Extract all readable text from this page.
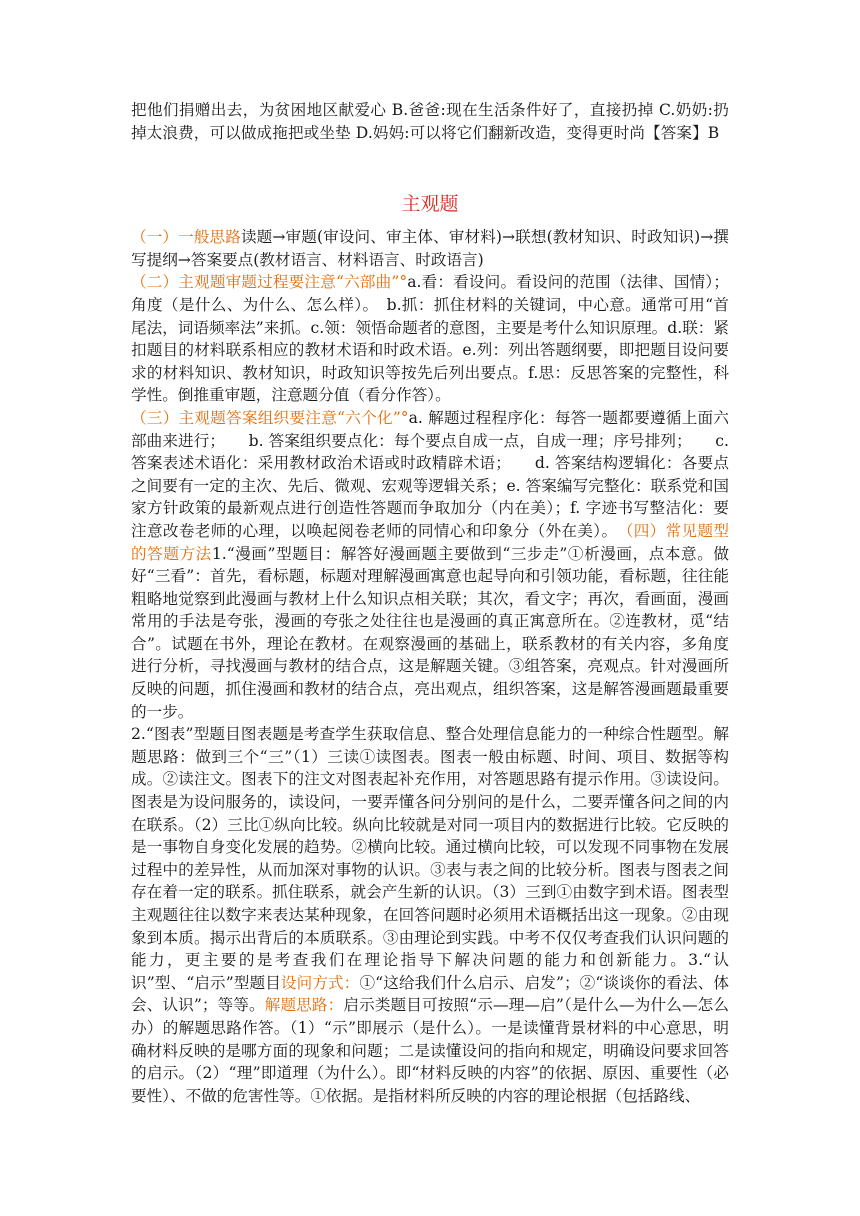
把他们捐赠出去，为贫困地区献爱心 B.爸爸:现在生活条件好了，直接扔掉 C.奶奶:扔掉太浪费，可以做成拖把或坐垫 D.妈妈:可以将它们翻新改造，变得更时尚【答案】B

主观题

（一）一般思路读题→审题(审设问、审主体、审材料)→联想(教材知识、时政知识)→撰写提纲→答案要点(教材语言、材料语言、时政语言)

（二）主观题审题过程要注意“六部曲”°a.看：看设问。看设问的范围（法律、国情）；角度（是什么、为什么、怎么样）。　b.抓：抓住材料的关键词，中心意。通常可用“首尾法，词语频率法”来抓。c.领：领悟命题者的意图，主要是考什么知识原理。d.联：紧扣题目的材料联系相应的教材术语和时政术语。e.列：列出答题纲要，即把题目设问要求的材料知识、教材知识，时政知识等按先后列出要点。f.思：反思答案的完整性，科学性。倒推重审题，注意题分值（看分作答）。

（三）主观题答案组织要注意“六个化”°a. 解题过程程序化：每答一题都要遵循上面六部曲来进行；　　b. 答案组织要点化：每个要点自成一点，自成一理；序号排列；　　c. 答案表述术语化：采用教材政治术语或时政精辟术语；　　d. 答案结构逻辑化：各要点之间要有一定的主次、先后、微观、宏观等逻辑关系；e. 答案编写完整化：联系党和国家方针政策的最新观点进行创造性答题而争取加分（内在美）；f. 字迹书写整洁化：要注意改卷老师的心理，以唤起阅卷老师的同情心和印象分（外在美）。　 （四）常见题型的答题方法1.“漫画”型题目：解答好漫画题主要做到“三步走”①析漫画，点本意。做好“三看”：首先，看标题，标题对理解漫画寓意也起导向和引领功能，看标题，往往能粗略地觉察到此漫画与教材上什么知识点相关联；其次，看文字；再次，看画面，漫画常用的手法是夸张，漫画的夸张之处往往也是漫画的真正寓意所在。②连教材，觅“结合”。试题在书外，理论在教材。在观察漫画的基础上，联系教材的有关内容，多角度进行分析，寻找漫画与教材的结合点，这是解题关键。③组答案，亮观点。针对漫画所反映的问题，抓住漫画和教材的结合点，亮出观点，组织答案，这是解答漫画题最重要的一步。

2.“图表”型题目图表题是考查学生获取信息、整合处理信息能力的一种综合性题型。解题思路：做到三个“三”（1）三读①读图表。图表一般由标题、时间、项目、数据等构成。②读注文。图表下的注文对图表起补充作用，对答题思路有提示作用。③读设问。图表是为设问服务的，读设问，一要弄懂各问分别问的是什么，二要弄懂各问之间的内在联系。（2）三比①纵向比较。纵向比较就是对同一项目内的数据进行比较。它反映的是一事物自身变化发展的趋势。②横向比较。通过横向比较，可以发现不同事物在发展过程中的差异性，从而加深对事物的认识。③表与表之间的比较分析。图表与图表之间存在着一定的联系。抓住联系，就会产生新的认识。（3）三到①由数字到术语。图表型主观题往往以数字来表达某种现象，在回答问题时必须用术语概括出这一现象。②由现象到本质。揭示出背后的本质联系。③由理论到实践。中考不仅仅考查我们认识问题的能力，更主要的是考查我们在理论指导下解决问题的能力和创新能力。3.“认识”型、“启示”型题目设问方式：①“这给我们什么启示、启发”；②“谈谈你的看法、体会、认识”；等等。解题思路：启示类题目可按照“示—理—启”（是什么—为什么—怎么办）的解题思路作答。（1）“示”即展示（是什么）。一是读懂背景材料的中心意思，明确材料反映的是哪方面的现象和问题；二是读懂设问的指向和规定，明确设问要求回答的启示。（2）“理”即道理（为什么）。即“材料反映的内容”的依据、原因、重要性（必要性）、不做的危害性等。①依据。是指材料所反映的内容的理论根据（包括路线、
